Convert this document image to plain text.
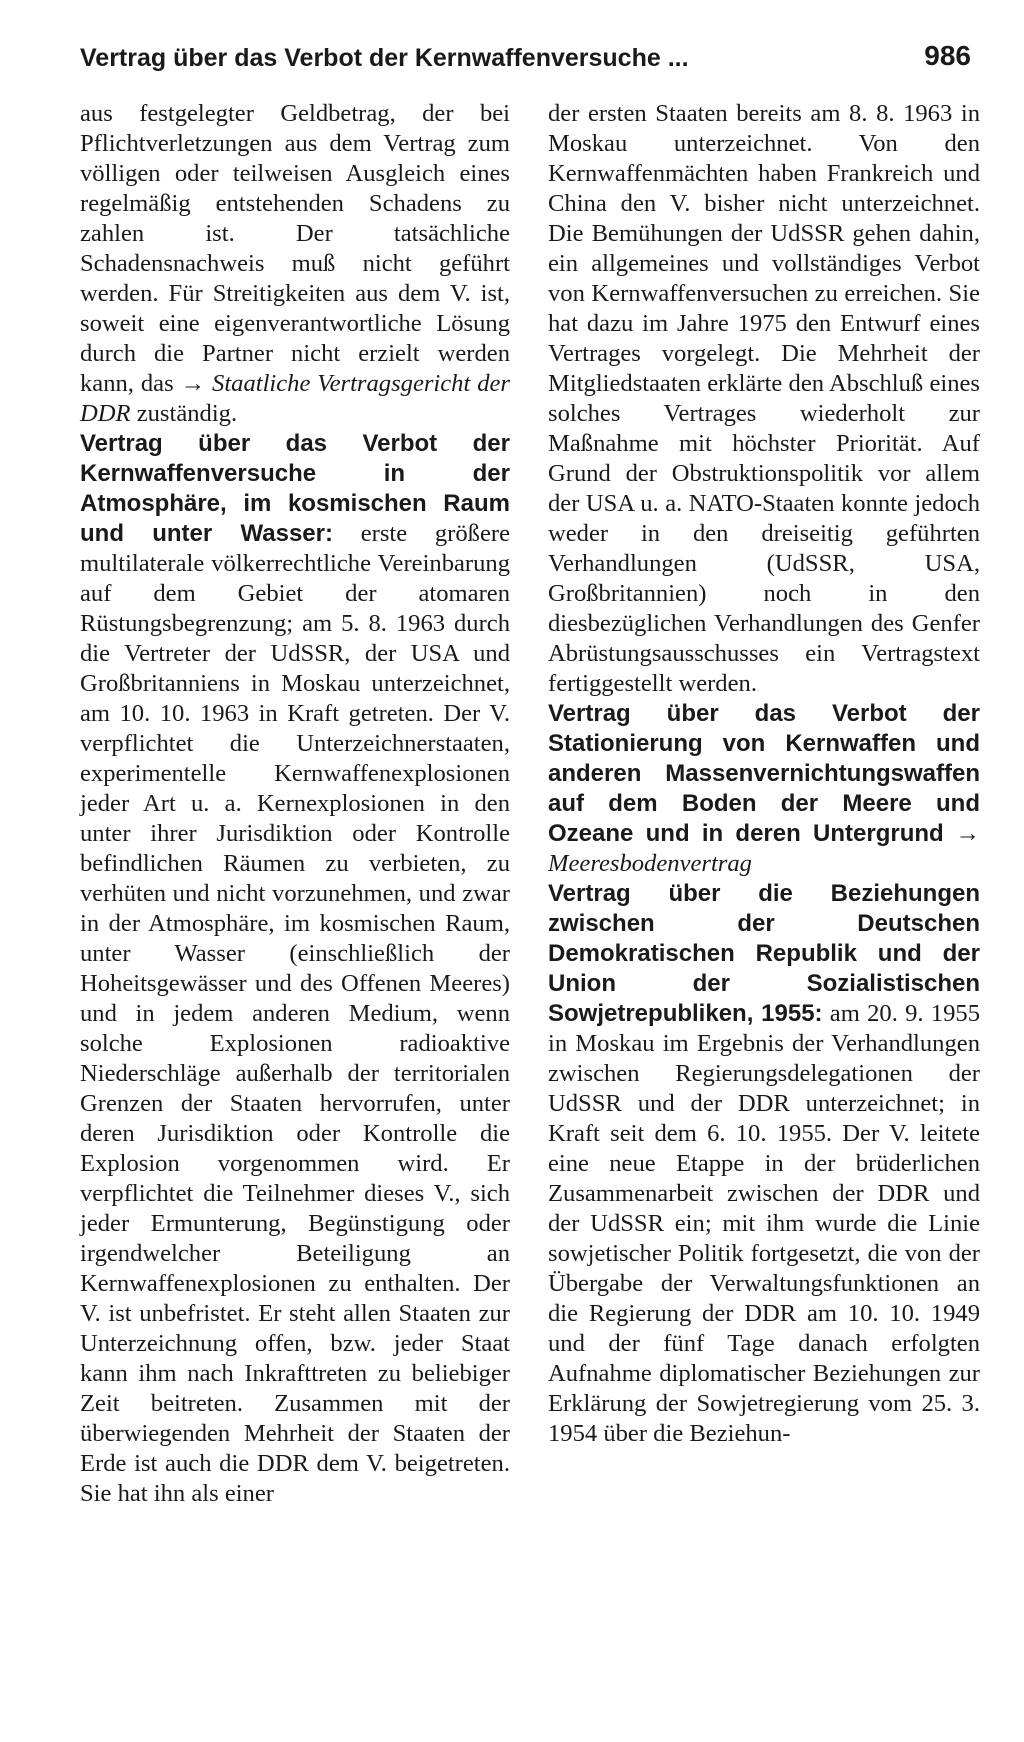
Vertrag über das Verbot der Kernwaffenversuche ...	986

aus festgelegter Geldbetrag, der bei Pflichtverletzungen aus dem Vertrag zum völligen oder teilweisen Ausgleich eines regelmäßig entstehenden Schadens zu zahlen ist. Der tatsächliche Schadensnachweis muß nicht geführt werden. Für Streitigkeiten aus dem V. ist, soweit eine eigenverantwortliche Lösung durch die Partner nicht erzielt werden kann, das → Staatliche Vertragsgericht der DDR zuständig.

Vertrag über das Verbot der Kernwaffenversuche in der Atmosphäre, im kosmischen Raum und unter Wasser: erste größere multilaterale völkerrechtliche Vereinbarung auf dem Gebiet der atomaren Rüstungsbegrenzung; am 5. 8. 1963 durch die Vertreter der UdSSR, der USA und Großbritanniens in Moskau unterzeichnet, am 10. 10. 1963 in Kraft getreten. Der V. verpflichtet die Unterzeichnerstaaten, experimentelle Kernwaffenexplosionen jeder Art u. a. Kernexplosionen in den unter ihrer Jurisdiktion oder Kontrolle befindlichen Räumen zu verbieten, zu verhüten und nicht vorzunehmen, und zwar in der Atmosphäre, im kosmischen Raum, unter Wasser (einschließlich der Hoheitsgewässer und des Offenen Meeres) und in jedem anderen Medium, wenn solche Explosionen radioaktive Niederschläge außerhalb der territorialen Grenzen der Staaten hervorrufen, unter deren Jurisdiktion oder Kontrolle die Explosion vorgenommen wird. Er verpflichtet die Teilnehmer dieses V., sich jeder Ermunterung, Begünstigung oder irgendwelcher Beteiligung an Kernwaffenexplosionen zu enthalten. Der V. ist unbefristet. Er steht allen Staaten zur Unterzeichnung offen, bzw. jeder Staat kann ihm nach Inkrafttreten zu beliebiger Zeit beitreten. Zusammen mit der überwiegenden Mehrheit der Staaten der Erde ist auch die DDR dem V. beigetreten. Sie hat ihn als einer

der ersten Staaten bereits am 8. 8. 1963 in Moskau unterzeichnet. Von den Kernwaffenmächten haben Frankreich und China den V. bisher nicht unterzeichnet. Die Bemühungen der UdSSR gehen dahin, ein allgemeines und vollständiges Verbot von Kernwaffenversuchen zu erreichen. Sie hat dazu im Jahre 1975 den Entwurf eines Vertrages vorgelegt. Die Mehrheit der Mitgliedstaaten erklärte den Abschluß eines solches Vertrages wiederholt zur Maßnahme mit höchster Priorität. Auf Grund der Obstruktionspolitik vor allem der USA u. a. NATO-Staaten konnte jedoch weder in den dreiseitig geführten Verhandlungen (UdSSR, USA, Großbritannien) noch in den diesbezüglichen Verhandlungen des Genfer Abrüstungsausschusses ein Vertragstext fertiggestellt werden.

Vertrag über das Verbot der Stationierung von Kernwaffen und anderen Massenvernichtungswaffen auf dem Boden der Meere und Ozeane und in deren Untergrund → Meeresbodenvertrag

Vertrag über die Beziehungen zwischen der Deutschen Demokratischen Republik und der Union der Sozialistischen Sowjetrepubliken, 1955: am 20. 9. 1955 in Moskau im Ergebnis der Verhandlungen zwischen Regierungsdelegationen der UdSSR und der DDR unterzeichnet; in Kraft seit dem 6. 10. 1955. Der V. leitete eine neue Etappe in der brüderlichen Zusammenarbeit zwischen der DDR und der UdSSR ein; mit ihm wurde die Linie sowjetischer Politik fortgesetzt, die von der Übergabe der Verwaltungsfunktionen an die Regierung der DDR am 10. 10. 1949 und der fünf Tage danach erfolgten Aufnahme diplomatischer Beziehungen zur Erklärung der Sowjetregierung vom 25. 3. 1954 über die Beziehun-
